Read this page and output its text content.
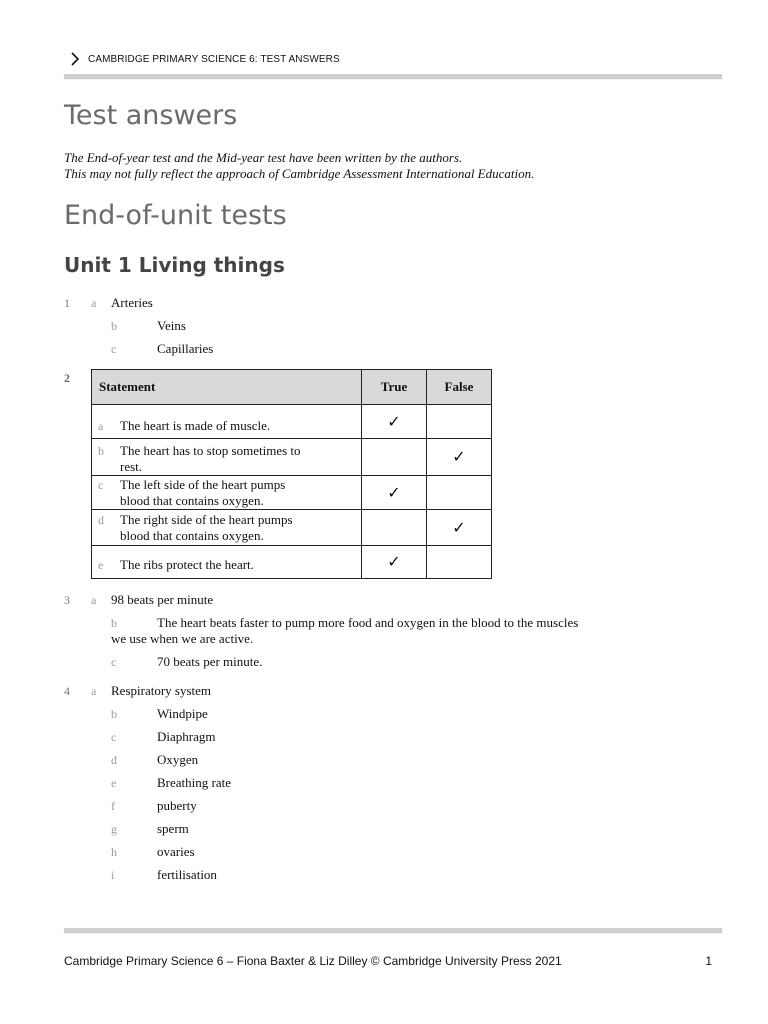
CAMBRIDGE PRIMARY SCIENCE 6: TEST ANSWERS
Test answers
The End-of-year test and the Mid-year test have been written by the authors.
This may not fully reflect the approach of Cambridge Assessment International Education.
End-of-unit tests
Unit 1 Living things
1 a Arteries
b	Veins
c	Capillaries
2
Statement	True	False

a The heart is made of muscle.	✓	

b The heart has to stop sometimes to rest.		✓

c The left side of the heart pumps blood that contains oxygen.	✓	

d The right side of the heart pumps blood that contains oxygen.		✓

e The ribs protect the heart.	✓	
3 a 98 beats per minute
b	The heart beats faster to pump more food and oxygen in the blood to the muscles
we use when we are active.
c	70 beats per minute.
4 a Respiratory system
b	Windpipe
c	Diaphragm
d	Oxygen
e	Breathing rate
f	puberty
g	sperm
h	ovaries
i	fertilisation
Cambridge Primary Science 6 – Fiona Baxter & Liz Dilley © Cambridge University Press 2021	1
